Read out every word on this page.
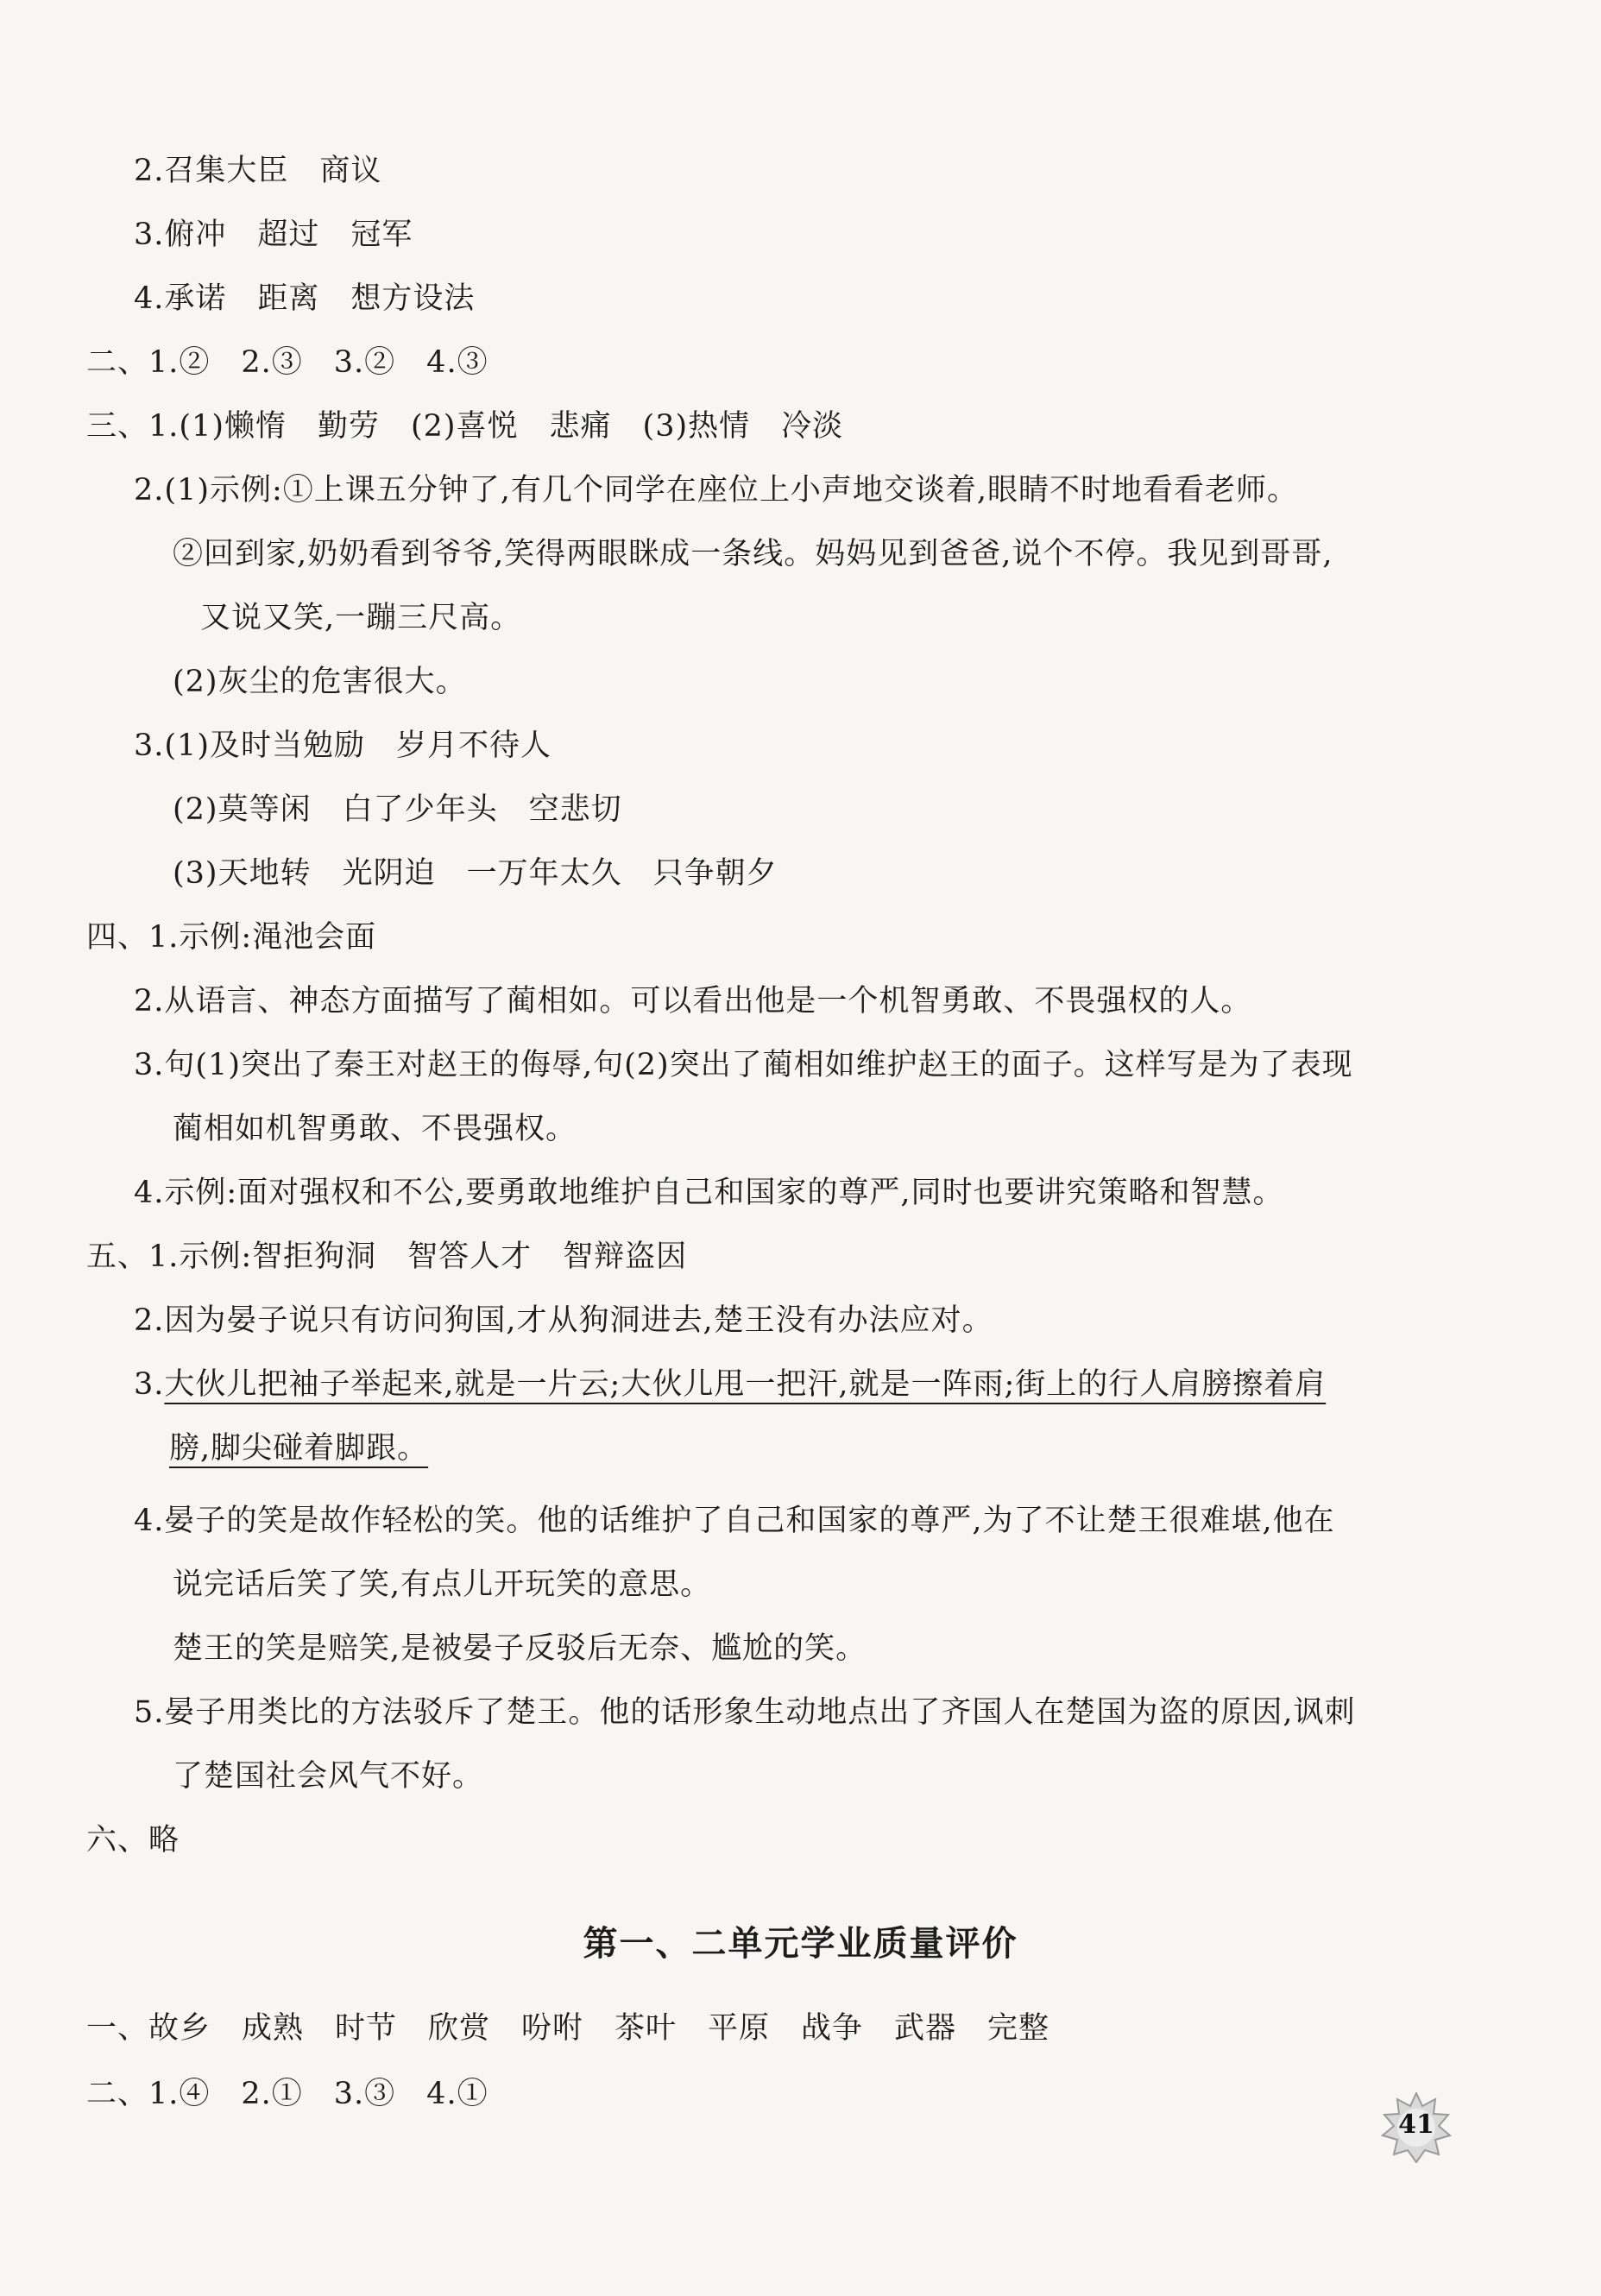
2.召集大臣　商议
3.俯冲　超过　冠军
4.承诺　距离　想方设法
二、1.②　2.③　3.②　4.③
三、1.(1)懒惰　勤劳　(2)喜悦　悲痛　(3)热情　冷淡
2.(1)示例:①上课五分钟了,有几个同学在座位上小声地交谈着,眼睛不时地看看老师。
②回到家,奶奶看到爷爷,笑得两眼眯成一条线。妈妈见到爸爸,说个不停。我见到哥哥,
又说又笑,一蹦三尺高。
(2)灰尘的危害很大。
3.(1)及时当勉励　岁月不待人
(2)莫等闲　白了少年头　空悲切
(3)天地转　光阴迫　一万年太久　只争朝夕
四、1.示例:渑池会面
2.从语言、神态方面描写了蔺相如。可以看出他是一个机智勇敢、不畏强权的人。
3.句(1)突出了秦王对赵王的侮辱,句(2)突出了蔺相如维护赵王的面子。这样写是为了表现
蔺相如机智勇敢、不畏强权。
4.示例:面对强权和不公,要勇敢地维护自己和国家的尊严,同时也要讲究策略和智慧。
五、1.示例:智拒狗洞　智答人才　智辩盗因
2.因为晏子说只有访问狗国,才从狗洞进去,楚王没有办法应对。
3.大伙儿把袖子举起来,就是一片云;大伙儿甩一把汗,就是一阵雨;街上的行人肩膀擦着肩
膀,脚尖碰着脚跟。
4.晏子的笑是故作轻松的笑。他的话维护了自己和国家的尊严,为了不让楚王很难堪,他在
说完话后笑了笑,有点儿开玩笑的意思。
楚王的笑是赔笑,是被晏子反驳后无奈、尴尬的笑。
5.晏子用类比的方法驳斥了楚王。他的话形象生动地点出了齐国人在楚国为盗的原因,讽刺
了楚国社会风气不好。
六、略
第一、二单元学业质量评价
一、故乡　成熟　时节　欣赏　吩咐　茶叶　平原　战争　武器　完整
二、1.④　2.①　3.③　4.①
41
